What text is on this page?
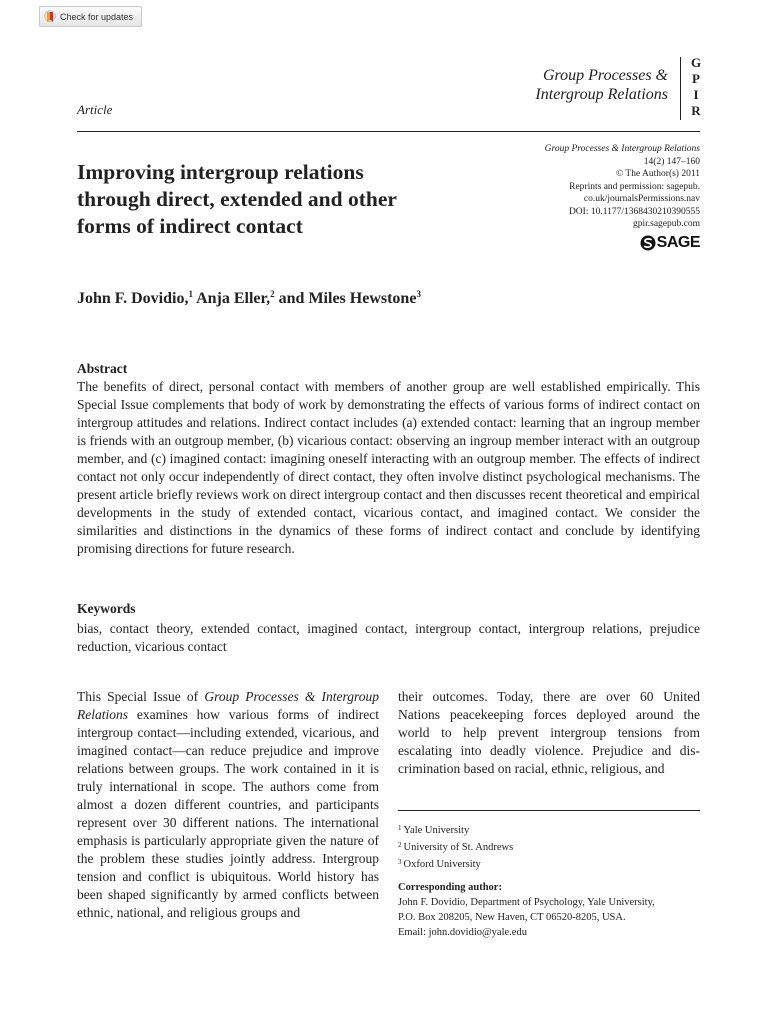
Check for updates
Group Processes &
Intergroup Relations
G
P
I
R
Article
Improving intergroup relations through direct, extended and other forms of indirect contact
Group Processes & Intergroup Relations
14(2) 147–160
© The Author(s) 2011
Reprints and permission: sagepub.
co.uk/journalsPermissions.nav
DOI: 10.1177/1368430210390555
gpir.sagepub.com
SAGE
John F. Dovidio,$^1$ Anja Eller,$^2$ and Miles Hewstone$^3$
Abstract

The benefits of direct, personal contact with members of another group are well established empirically. This Special Issue complements that body of work by demonstrating the effects of various forms of indirect contact on intergroup attitudes and relations. Indirect contact includes (a) extended contact: learning that an ingroup member is friends with an outgroup member, (b) vicarious contact: observing an ingroup member interact with an outgroup member, and (c) imagined contact: imagining oneself interacting with an outgroup member. The effects of indirect contact not only occur independently of direct contact, they often involve distinct psychological mechanisms. The present article briefly reviews work on direct intergroup contact and then discusses recent theoretical and empirical developments in the study of extended contact, vicarious contact, and imagined contact. We consider the similarities and distinctions in the dynamics of these forms of indirect contact and conclude by identifying promising directions for future research.

Keywords

bias, contact theory, extended contact, imagined contact, intergroup contact, intergroup relations, prejudice reduction, vicarious contact

This Special Issue of Group Processes & Intergroup Relations examines how various forms of indirect intergroup contact—including extended, vicarious, and imagined contact—can reduce prejudice and improve relations between groups. The work contained in it is truly international in scope. The authors come from almost a dozen different countries, and participants represent over 30 different nations. The international emphasis is particularly appropriate given the nature of the problem these studies jointly address. Intergroup tension and conflict is ubiquitous. World history has been shaped significantly by armed conflicts between ethnic, national, and religious groups and

their outcomes. Today, there are over 60 United Nations peacekeeping forces deployed around the world to help prevent intergroup tensions from escalating into deadly violence. Prejudice and discrimination based on racial, ethnic, religious, and

$^1$ Yale University
$^2$ University of St. Andrews
$^3$ Oxford University
Corresponding author:
John F. Dovidio, Department of Psychology, Yale University,
P.O. Box 208205, New Haven, CT 06520-8205, USA.
Email: john.dovidio@yale.edu
